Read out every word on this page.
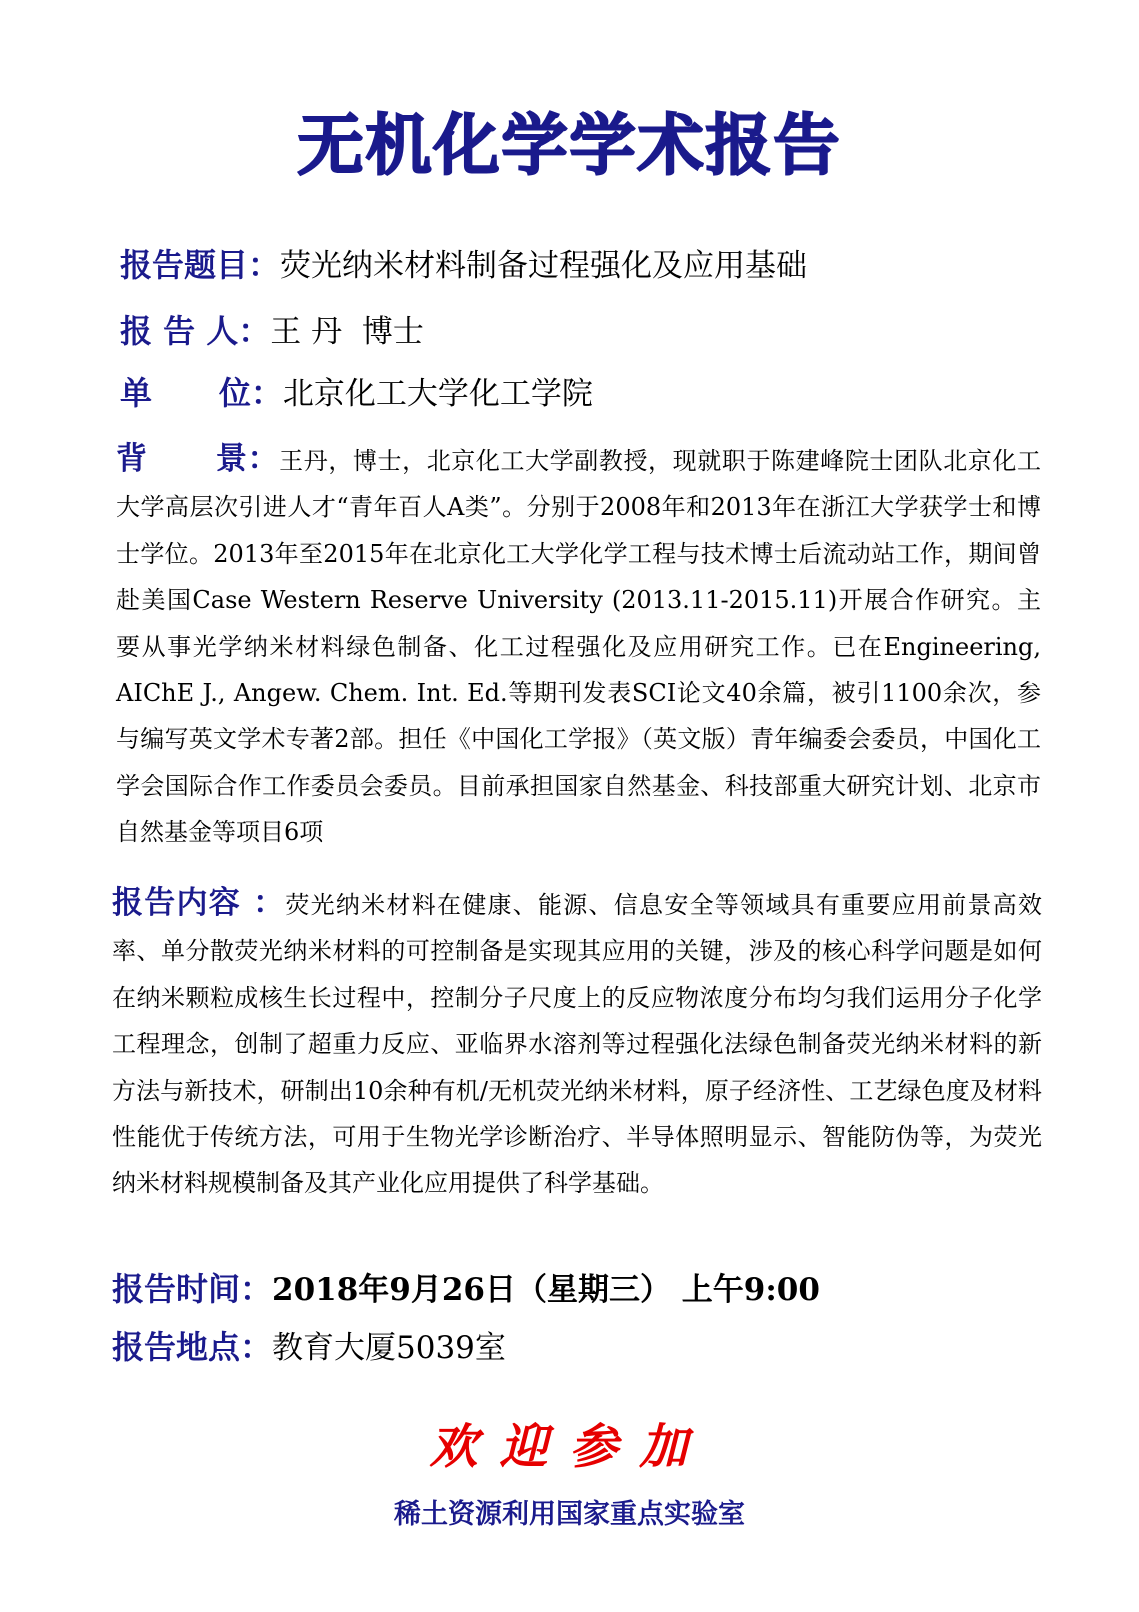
无机化学学术报告
报告题目：荧光纳米材料制备过程强化及应用基础
报 告 人：王 丹  博士
单      位：北京化工大学化工学院
背      景：王丹，博士，北京化工大学副教授，现就职于陈建峰院士团队北京化工大学高层次引进人才“青年百人A类”。分别于2008年和2013年在浙江大学获学士和博士学位。2013年至2015年在北京化工大学化学工程与技术博士后流动站工作，期间曾赴美国Case Western Reserve University (2013.11-2015.11)开展合作研究。主要从事光学纳米材料绿色制备、化工过程强化及应用研究工作。已在Engineering, AIChE J., Angew. Chem. Int. Ed.等期刊发表SCI论文40余篇，被引1100余次，参与编写英文学术专著2部。担任《中国化工学报》（英文版）青年编委会委员，中国化工学会国际合作工作委员会委员。目前承担国家自然基金、科技部重大研究计划、北京市自然基金等项目6项
报告内容 ：荧光纳米材料在健康、能源、信息安全等领域具有重要应用前景高效率、单分散荧光纳米材料的可控制备是实现其应用的关键，涉及的核心科学问题是如何在纳米颗粒成核生长过程中，控制分子尺度上的反应物浓度分布均匀我们运用分子化学工程理念，创制了超重力反应、亚临界水溶剂等过程强化法绿色制备荧光纳米材料的新方法与新技术，研制出10余种有机/无机荧光纳米材料，原子经济性、工艺绿色度及材料性能优于传统方法，可用于生物光学诊断治疗、半导体照明显示、智能防伪等，为荧光纳米材料规模制备及其产业化应用提供了科学基础。
报告时间：2018年9月26日（星期三） 上午9:00
报告地点：教育大厦5039室
欢迎参加
稀土资源利用国家重点实验室
